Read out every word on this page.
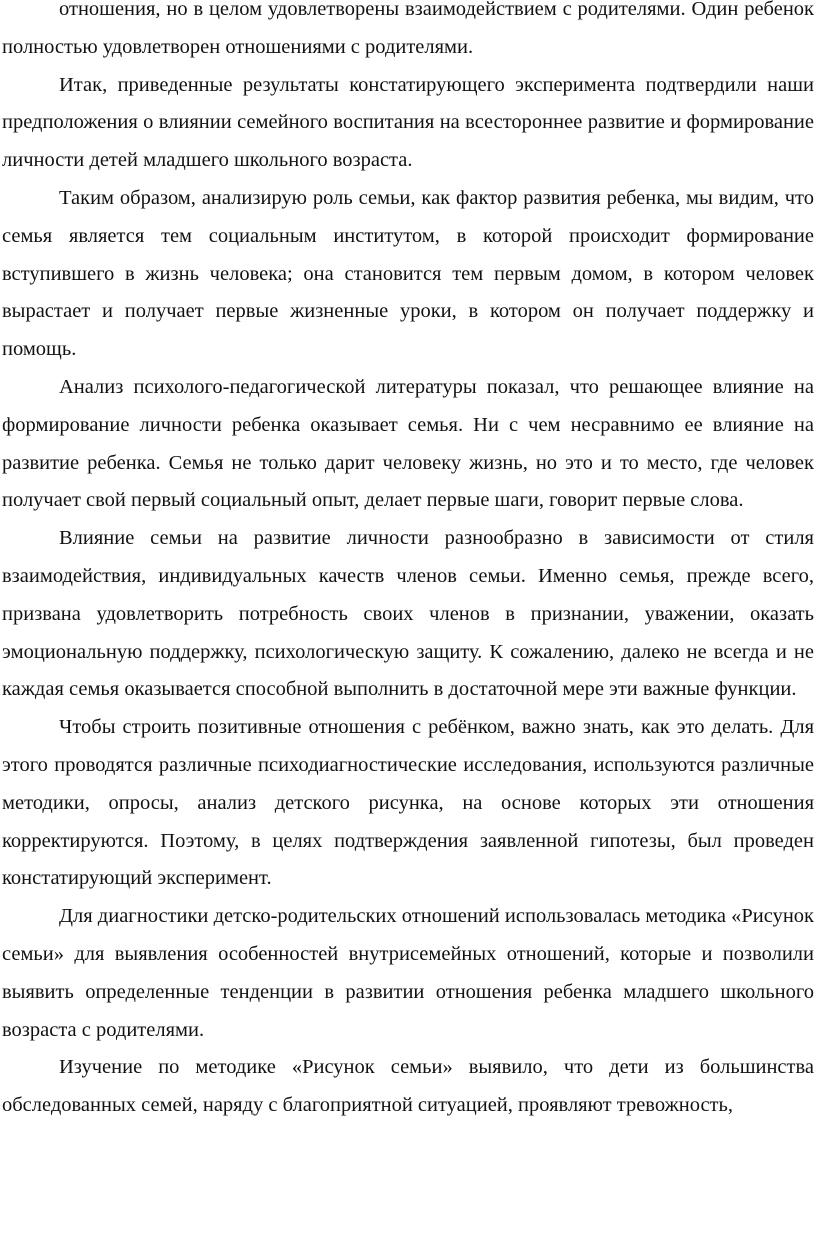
отношения, но в целом удовлетворены взаимодействием с родителями. Один ребенок полностью удовлетворен отношениями с родителями.

Итак, приведенные результаты констатирующего эксперимента подтвердили наши предположения о влиянии семейного воспитания на всестороннее развитие и формирование личности детей младшего школьного возраста.

Таким образом, анализирую роль семьи, как фактор развития ребенка, мы видим, что семья является тем социальным институтом, в которой происходит формирование вступившего в жизнь человека; она становится тем первым домом, в котором человек вырастает и получает первые жизненные уроки, в котором он получает поддержку и помощь.

Анализ психолого-педагогической литературы показал, что решающее влияние на формирование личности ребенка оказывает семья. Ни с чем несравнимо ее влияние на развитие ребенка. Семья не только дарит человеку жизнь, но это и то место, где человек получает свой первый социальный опыт, делает первые шаги, говорит первые слова.

Влияние семьи на развитие личности разнообразно в зависимости от стиля взаимодействия, индивидуальных качеств членов семьи. Именно семья, прежде всего, призвана удовлетворить потребность своих членов в признании, уважении, оказать эмоциональную поддержку, психологическую защиту. К сожалению, далеко не всегда и не каждая семья оказывается способной выполнить в достаточной мере эти важные функции.

Чтобы строить позитивные отношения с ребёнком, важно знать, как это делать. Для этого проводятся различные психодиагностические исследования, используются различные методики, опросы, анализ детского рисунка, на основе которых эти отношения корректируются. Поэтому, в целях подтверждения заявленной гипотезы, был проведен констатирующий эксперимент.

Для диагностики детско-родительских отношений использовалась методика «Рисунок семьи» для выявления особенностей внутрисемейных отношений, которые и позволили выявить определенные тенденции в развитии отношения ребенка младшего школьного возраста с родителями.

Изучение по методике «Рисунок семьи» выявило, что дети из большинства обследованных семей, наряду с благоприятной ситуацией, проявляют тревожность,
